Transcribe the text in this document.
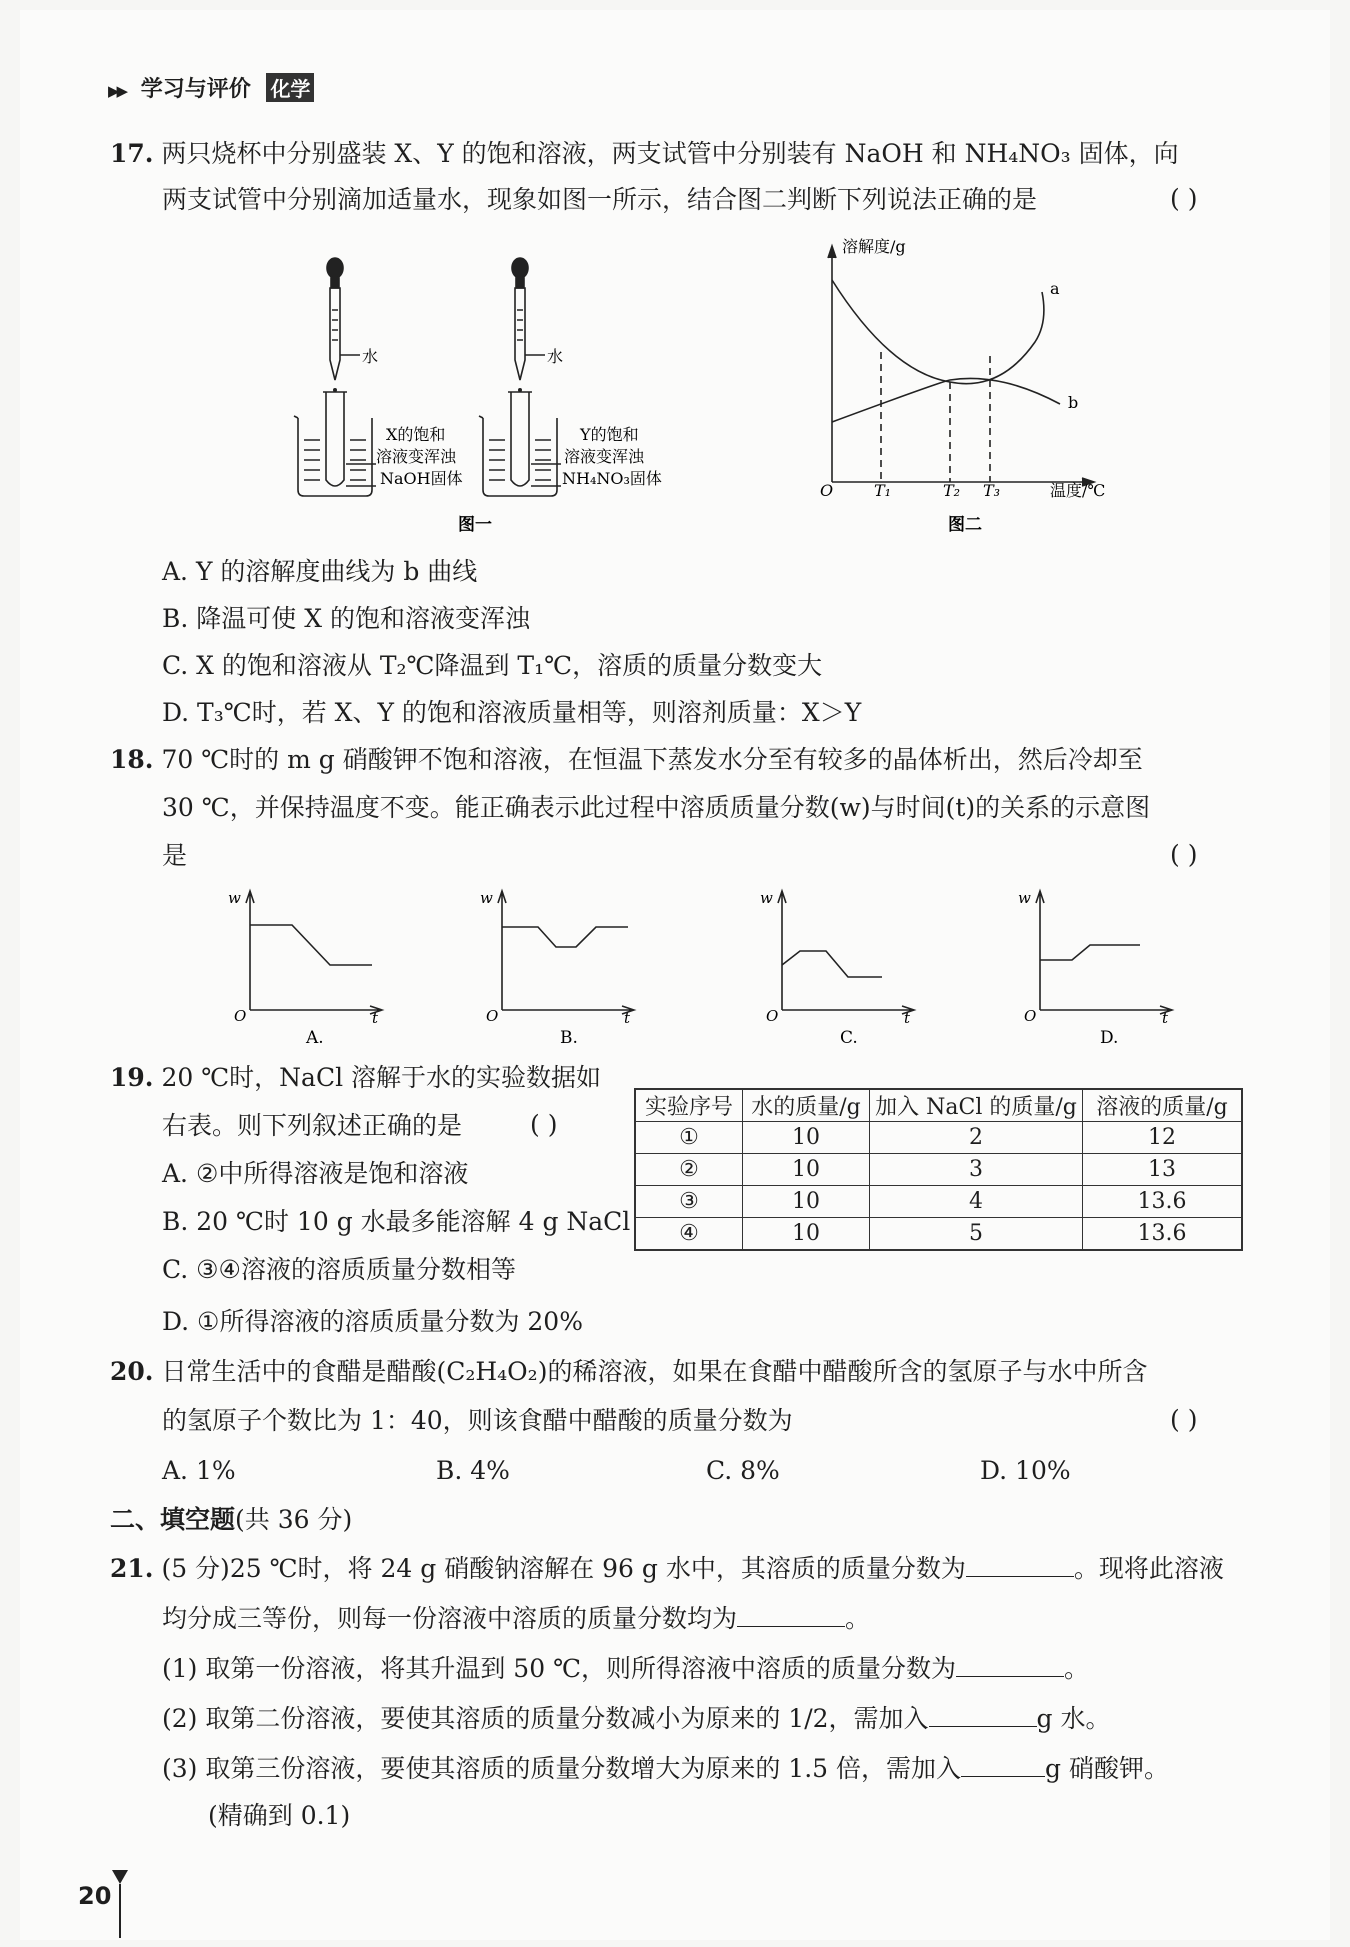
▶▶ 学习与评价 化学
17. 两只烧杯中分别盛装 X、Y 的饱和溶液，两支试管中分别装有 NaOH 和 NH₄NO₃ 固体，向
两支试管中分别滴加适量水，现象如图一所示，结合图二判断下列说法正确的是	( )
水	水
X的饱和
溶液变浑浊
NaOH固体
Y的饱和
溶液变浑浊
NH₄NO₃固体
图一
溶解度/g
温度/℃
O	T₁	T₂ T₃
a
b
图二
A. Y 的溶解度曲线为 b 曲线
B. 降温可使 X 的饱和溶液变浑浊
C. X 的饱和溶液从 T₂℃降温到 T₁℃，溶质的质量分数变大
D. T₃℃时，若 X、Y 的饱和溶液质量相等，则溶剂质量：X＞Y
18. 70 ℃时的 m g 硝酸钾不饱和溶液，在恒温下蒸发水分至有较多的晶体析出，然后冷却至
30 ℃，并保持温度不变。能正确表示此过程中溶质质量分数(w)与时间(t)的关系的示意图
是	( )
w
O	t
w
O	t
w
O	t
w
O	t
A.	B.	C.	D.
19. 20 ℃时，NaCl 溶解于水的实验数据如
右表。则下列叙述正确的是	( )
A. ②中所得溶液是饱和溶液
B. 20 ℃时 10 g 水最多能溶解 4 g NaCl
C. ③④溶液的溶质质量分数相等
D. ①所得溶液的溶质质量分数为 20%
实验序号	水的质量/g	加入 NaCl 的质量/g	溶液的质量/g
①	10	2	12
②	10	3	13
③	10	4	13.6
④	10	5	13.6
20. 日常生活中的食醋是醋酸(C₂H₄O₂)的稀溶液，如果在食醋中醋酸所含的氢原子与水中所含
的氢原子个数比为 1：40，则该食醋中醋酸的质量分数为	( )
A. 1%	B. 4%	C. 8%	D. 10%
二、填空题(共 36 分)
21. (5 分)25 ℃时，将 24 g 硝酸钠溶解在 96 g 水中，其溶质的质量分数为	。现将此溶液
均分成三等份，则每一份溶液中溶质的质量分数均为	。
(1) 取第一份溶液，将其升温到 50 ℃，则所得溶液中溶质的质量分数为	。
(2) 取第二份溶液，要使其溶质的质量分数减小为原来的 1/2，需加入	g 水。
(3) 取第三份溶液，要使其溶质的质量分数增大为原来的 1.5 倍，需加入	g 硝酸钾。
(精确到 0.1)
20
